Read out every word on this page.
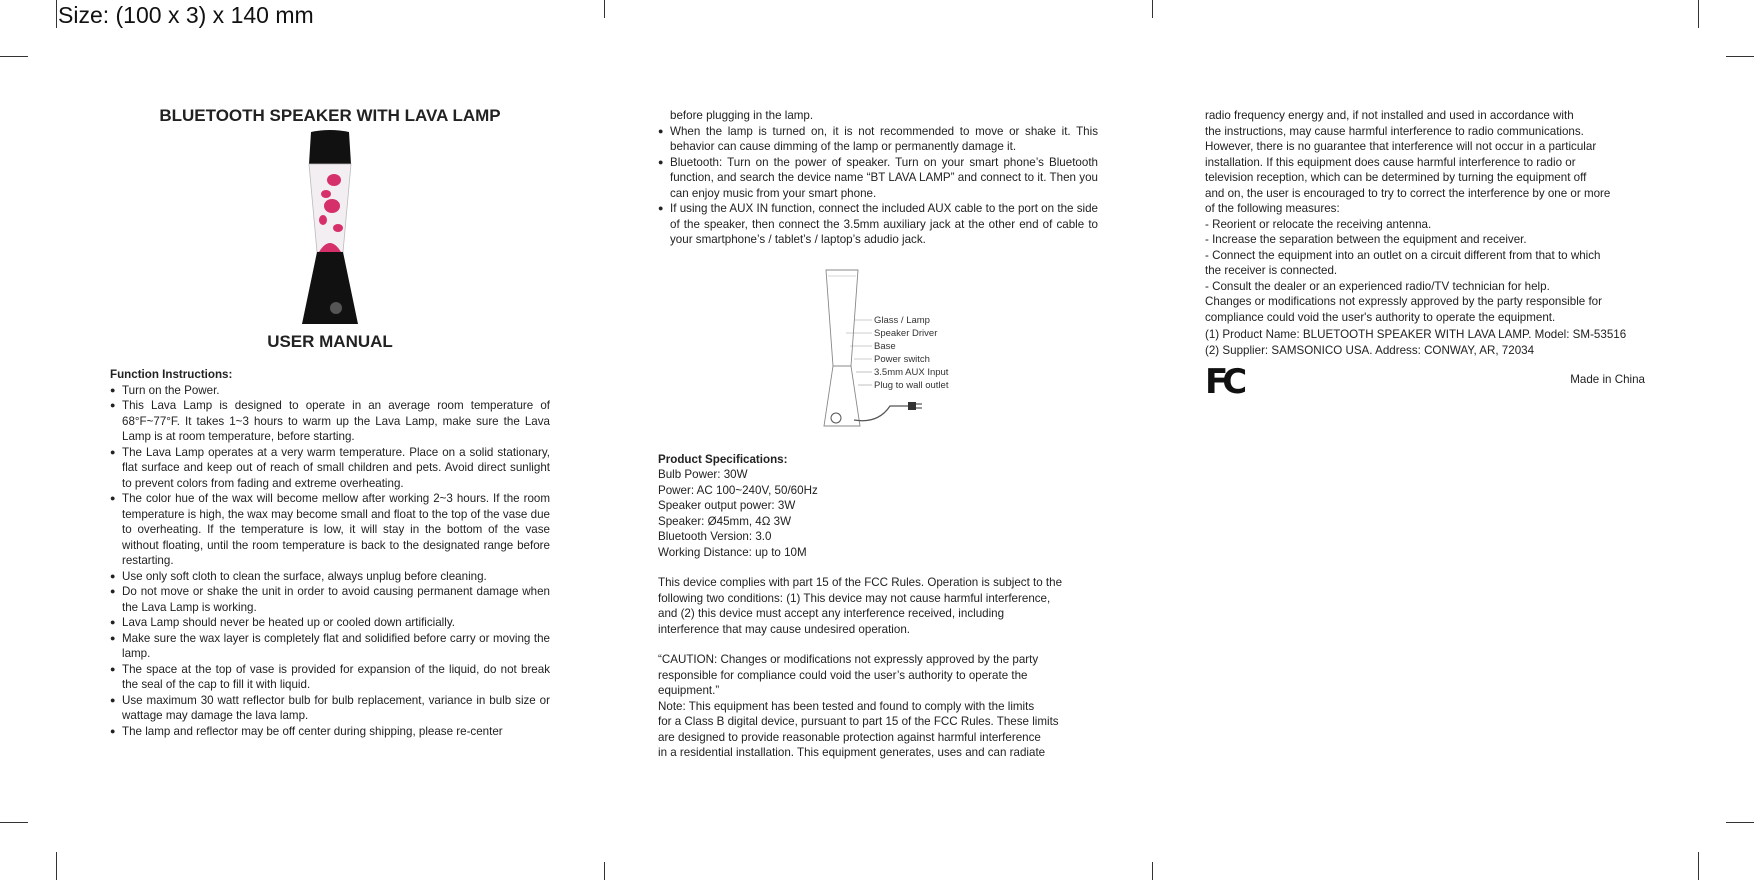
Size: (100 x 3) x 140 mm
BLUETOOTH SPEAKER WITH LAVA LAMP
USER MANUAL
Function Instructions:
● Turn on the Power.
● This Lava Lamp is designed to operate in an average room temperature of 68°F~77°F. It takes 1~3 hours to warm up the Lava Lamp, make sure the Lava Lamp is at room temperature, before starting.
● The Lava Lamp operates at a very warm temperature. Place on a solid stationary, flat surface and keep out of reach of small children and pets. Avoid direct sunlight to prevent colors from fading and extreme overheating.
● The color hue of the wax will become mellow after working 2~3 hours. If the room temperature is high, the wax may become small and float to the top of the vase due to overheating. If the temperature is low, it will stay in the bottom of the vase without floating, until the room temperature is back to the designated range before restarting.
● Use only soft cloth to clean the surface, always unplug before cleaning.
● Do not move or shake the unit in order to avoid causing permanent damage when the Lava Lamp is working.
● Lava Lamp should never be heated up or cooled down artificially.
● Make sure the wax layer is completely flat and solidified before carry or moving the lamp.
● The space at the top of vase is provided for expansion of the liquid, do not break the seal of the cap to fill it with liquid.
● Use maximum 30 watt reflector bulb for bulb replacement, variance in bulb size or wattage may damage the lava lamp.
● The lamp and reflector may be off center during shipping, please re-center
before plugging in the lamp.
● When the lamp is turned on, it is not recommended to move or shake it. This behavior can cause dimming of the lamp or permanently damage it.
● Bluetooth: Turn on the power of speaker. Turn on your smart phone’s Bluetooth function, and search the device name “BT LAVA LAMP” and connect to it. Then you can enjoy music from your smart phone.
● If using the AUX IN function, connect the included AUX cable to the port on the side of the speaker, then connect the 3.5mm auxiliary jack at the other end of cable to your smartphone’s / tablet’s / laptop’s adudio jack.
Glass / Lamp
Speaker Driver
Base
Power switch
3.5mm AUX Input
Plug to wall outlet
Product Specifications:
Bulb Power: 30W
Power: AC 100~240V, 50/60Hz
Speaker output power: 3W
Speaker: Ø45mm, 4Ω 3W
Bluetooth Version: 3.0
Working Distance: up to 10M
This device complies with part 15 of the FCC Rules. Operation is subject to the
following two conditions: (1) This device may not cause harmful interference,
and (2) this device must accept any interference received, including
interference that may cause undesired operation.
“CAUTION: Changes or modifications not expressly approved by the party
responsible for compliance could void the user’s authority to operate the
equipment.”
Note: This equipment has been tested and found to comply with the limits
for a Class B digital device, pursuant to part 15 of the FCC Rules. These limits
are designed to provide reasonable protection against harmful interference
in a residential installation. This equipment generates, uses and can radiate
radio frequency energy and, if not installed and used in accordance with
the instructions, may cause harmful interference to radio communications.
However, there is no guarantee that interference will not occur in a particular
installation. If this equipment does cause harmful interference to radio or
television reception, which can be determined by turning the equipment off
and on, the user is encouraged to try to correct the interference by one or more
of the following measures:
- Reorient or relocate the receiving antenna.
- Increase the separation between the equipment and receiver.
- Connect the equipment into an outlet on a circuit different from that to which
the receiver is connected.
- Consult the dealer or an experienced radio/TV technician for help.
Changes or modifications not expressly approved by the party responsible for
compliance could void the user's authority to operate the equipment.
(1) Product Name: BLUETOOTH SPEAKER WITH LAVA LAMP. Model: SM-53516
(2) Supplier: SAMSONICO USA. Address: CONWAY, AR, 72034
FC	Made in China
